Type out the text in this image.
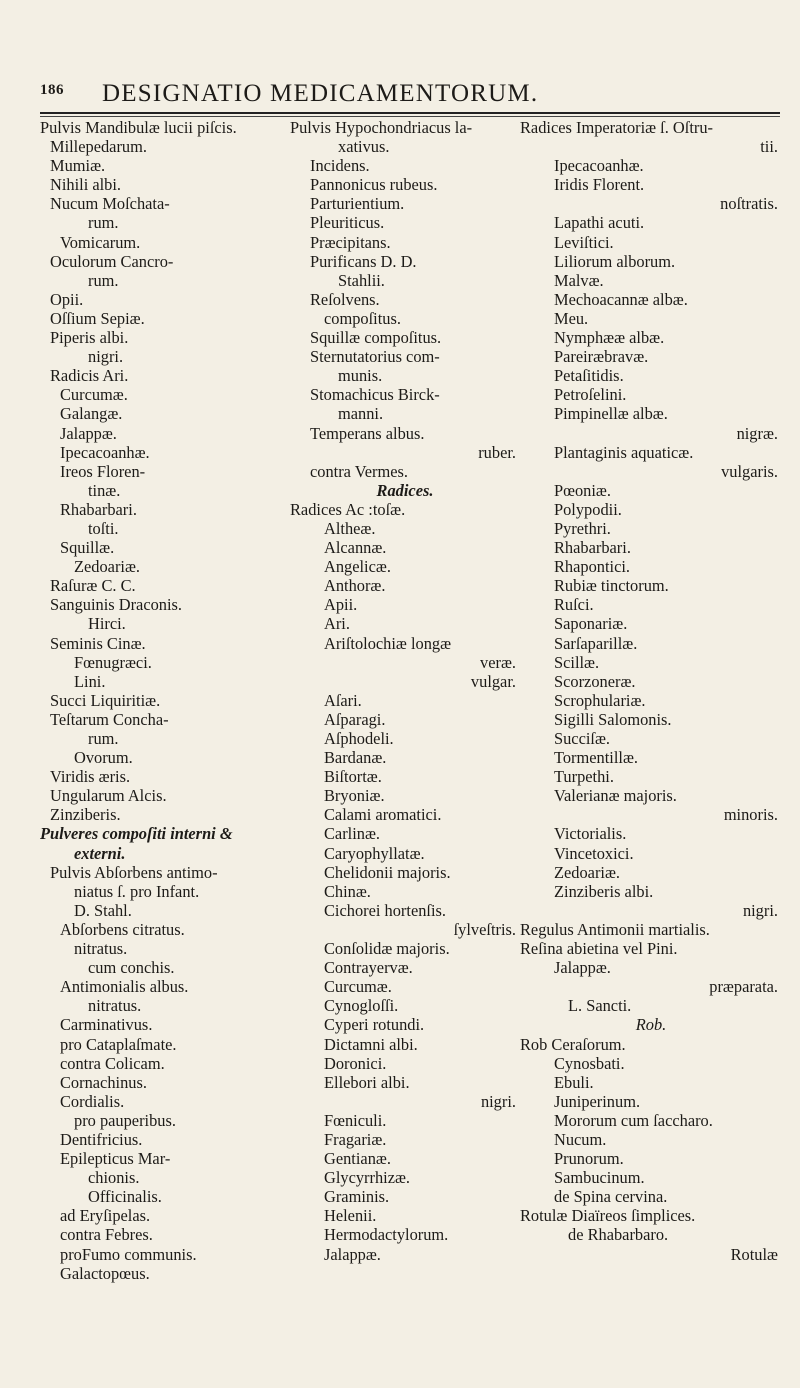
186 DESIGNATIO MEDICAMENTORUM.
Pulvis Mandibulæ lucii piſcis.
Millepedarum.
Mumiæ.
Nihili albi.
Nucum Moſchata-
rum.
Vomicarum.
Oculorum Cancro-
rum.
Opii.
Oſſium Sepiæ.
Piperis albi.
nigri.
Radicis Ari.
Curcumæ.
Galangæ.
Jalappæ.
Ipecacoanhæ.
Ireos Floren-
tinæ.
Rhabarbari.
toſti.
Squillæ.
Zedoariæ.
Raſuræ C. C.
Sanguinis Draconis.
Hirci.
Seminis Cinæ.
Fœnugræci.
Lini.
Succi Liquiritiæ.
Teſtarum Concha-
rum.
Ovorum.
Viridis æris.
Ungularum Alcis.
Zinziberis.
Pulveres compoſiti interni &
externi.
Pulvis Abſorbens antimo-
niatus ſ. pro Infant.
D. Stahl.
Abſorbens citratus.
nitratus.
cum conchis.
Antimonialis albus.
nitratus.
Carminativus.
pro Cataplaſmate.
contra Colicam.
Cornachinus.
Cordialis.
pro pauperibus.
Dentifricius.
Epilepticus Mar-
chionis.
Officinalis.
ad Eryſipelas.
contra Febres.
proFumo communis.
Galactopœus.
Pulvis Hypochondriacus la-
xativus.
Incidens.
Pannonicus rubeus.
Parturientium.
Pleuriticus.
Præcipitans.
Purificans D. D.
Stahlii.
Reſolvens.
compoſitus.
Squillæ compoſitus.
Sternutatorius com-
munis.
Stomachicus Birck-
manni.
Temperans albus.
ruber.
contra Vermes.
Radices.
Radices Ac :toſæ.
Altheæ.
Alcannæ.
Angelicæ.
Anthoræ.
Apii.
Ari.
Ariſtolochiæ longæ
veræ.
vulgar.
Aſari.
Aſparagi.
Aſphodeli.
Bardanæ.
Biſtortæ.
Bryoniæ.
Calami aromatici.
Carlinæ.
Caryophyllatæ.
Chelidonii majoris.
Chinæ.
Cichorei hortenſis.
ſylveſtris.
Conſolidæ majoris.
Contrayervæ.
Curcumæ.
Cynogloſſi.
Cyperi rotundi.
Dictamni albi.
Doronici.
Ellebori albi.
nigri.
Fœniculi.
Fragariæ.
Gentianæ.
Glycyrrhizæ.
Graminis.
Helenii.
Hermodactylorum.
Jalappæ.
Radices Imperatoriæ ſ. Oſtru-
tii.
Ipecacoanhæ.
Iridis Florent.
noſtratis.
Lapathi acuti.
Leviſtici.
Liliorum alborum.
Malvæ.
Mechoacannæ albæ.
Meu.
Nymphææ albæ.
Pareiræbravæ.
Petaſitidis.
Petroſelini.
Pimpinellæ albæ.
nigræ.
Plantaginis aquaticæ.
vulgaris.
Pœoniæ.
Polypodii.
Pyrethri.
Rhabarbari.
Rhapontici.
Rubiæ tinctorum.
Ruſci.
Saponariæ.
Sarſaparillæ.
Scillæ.
Scorzoneræ.
Scrophulariæ.
Sigilli Salomonis.
Succiſæ.
Tormentillæ.
Turpethi.
Valerianæ majoris.
minoris.
Victorialis.
Vincetoxici.
Zedoariæ.
Zinziberis albi.
nigri.
Regulus Antimonii martialis.
Reſina abietina vel Pini.
Jalappæ.
præparata.
L. Sancti.
Rob.
Rob Ceraſorum.
Cynosbati.
Ebuli.
Juniperinum.
Mororum cum ſaccharo.
Nucum.
Prunorum.
Sambucinum.
de Spina cervina.
Rotulæ Diaïreos ſimplices.
de Rhabarbaro.
Rotulæ
